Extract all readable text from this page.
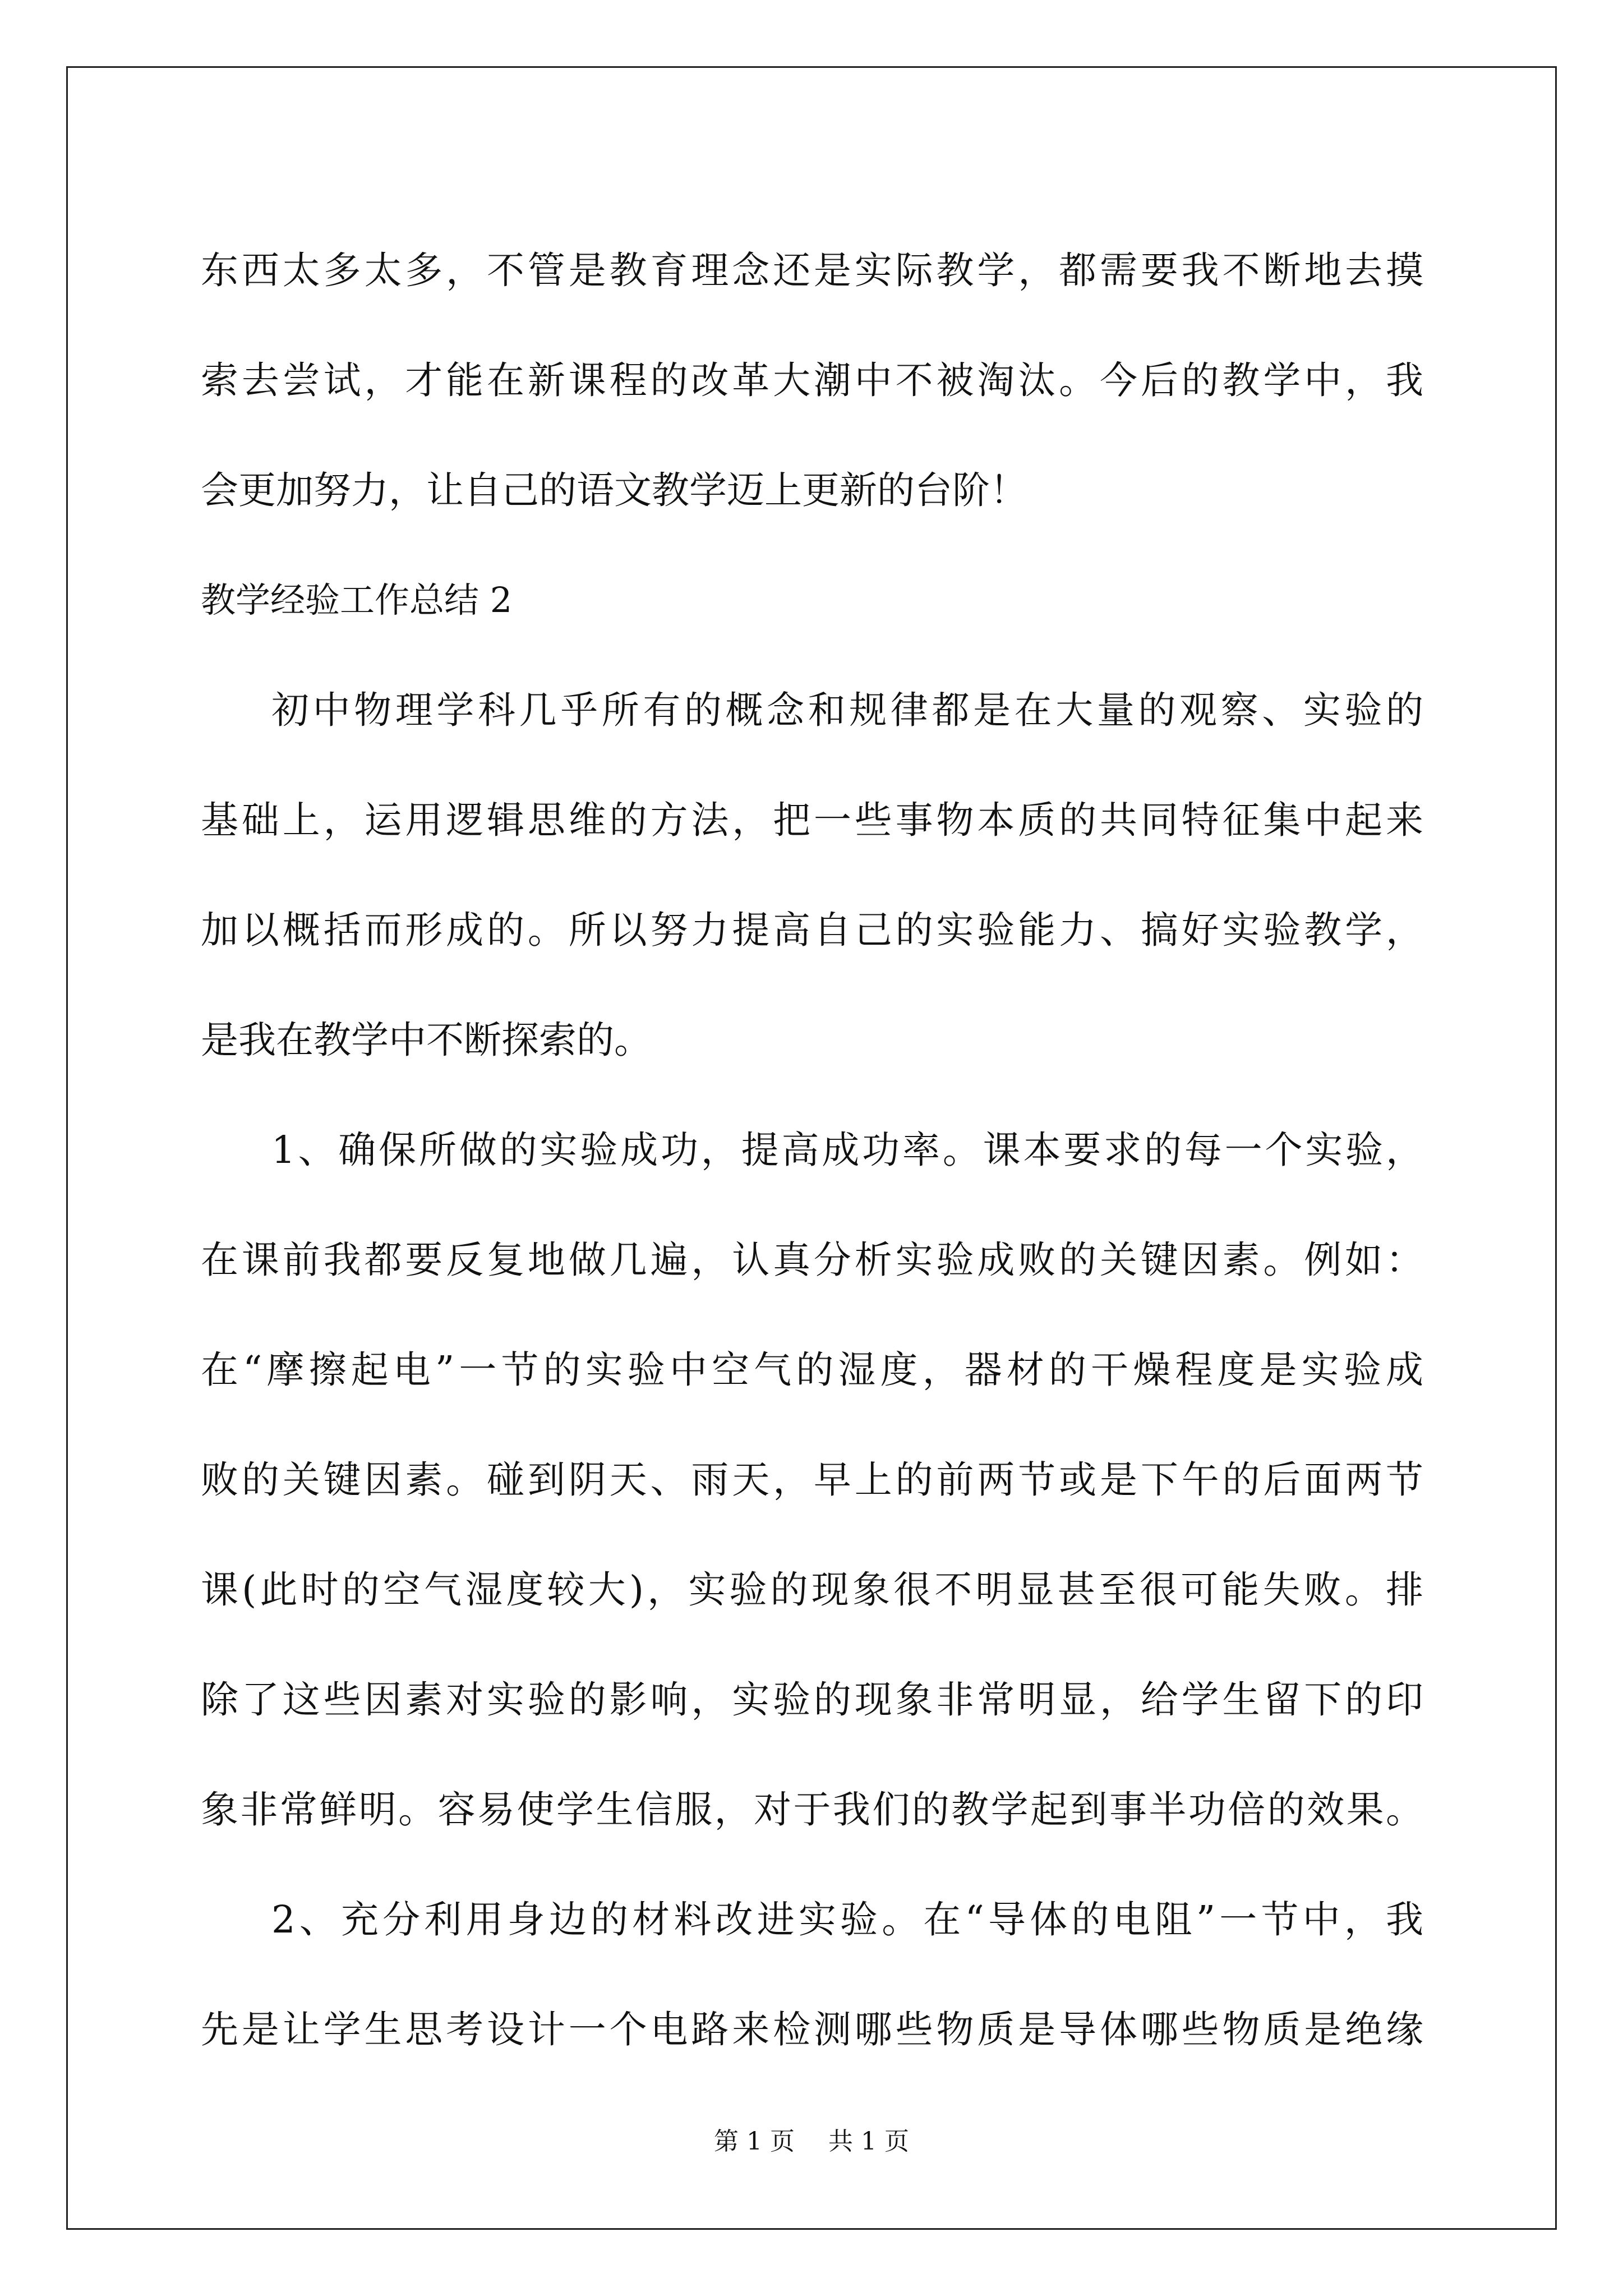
东西太多太多，不管是教育理念还是实际教学，都需要我不断地去摸
索去尝试，才能在新课程的改革大潮中不被淘汰。今后的教学中，我
会更加努力，让自己的语文教学迈上更新的台阶！
教学经验工作总结 2
初中物理学科几乎所有的概念和规律都是在大量的观察、实验的
基础上，运用逻辑思维的方法，把一些事物本质的共同特征集中起来
加以概括而形成的。所以努力提高自己的实验能力、搞好实验教学，
是我在教学中不断探索的。
1、确保所做的实验成功，提高成功率。课本要求的每一个实验，
在课前我都要反复地做几遍，认真分析实验成败的关键因素。例如：
在“摩擦起电”一节的实验中空气的湿度，器材的干燥程度是实验成
败的关键因素。碰到阴天、雨天，早上的前两节或是下午的后面两节
课(此时的空气湿度较大)，实验的现象很不明显甚至很可能失败。排
除了这些因素对实验的影响，实验的现象非常明显，给学生留下的印
象非常鲜明。容易使学生信服，对于我们的教学起到事半功倍的效果。
2、充分利用身边的材料改进实验。在“导体的电阻”一节中，我
先是让学生思考设计一个电路来检测哪些物质是导体哪些物质是绝缘
第 1 页 共 1 页
